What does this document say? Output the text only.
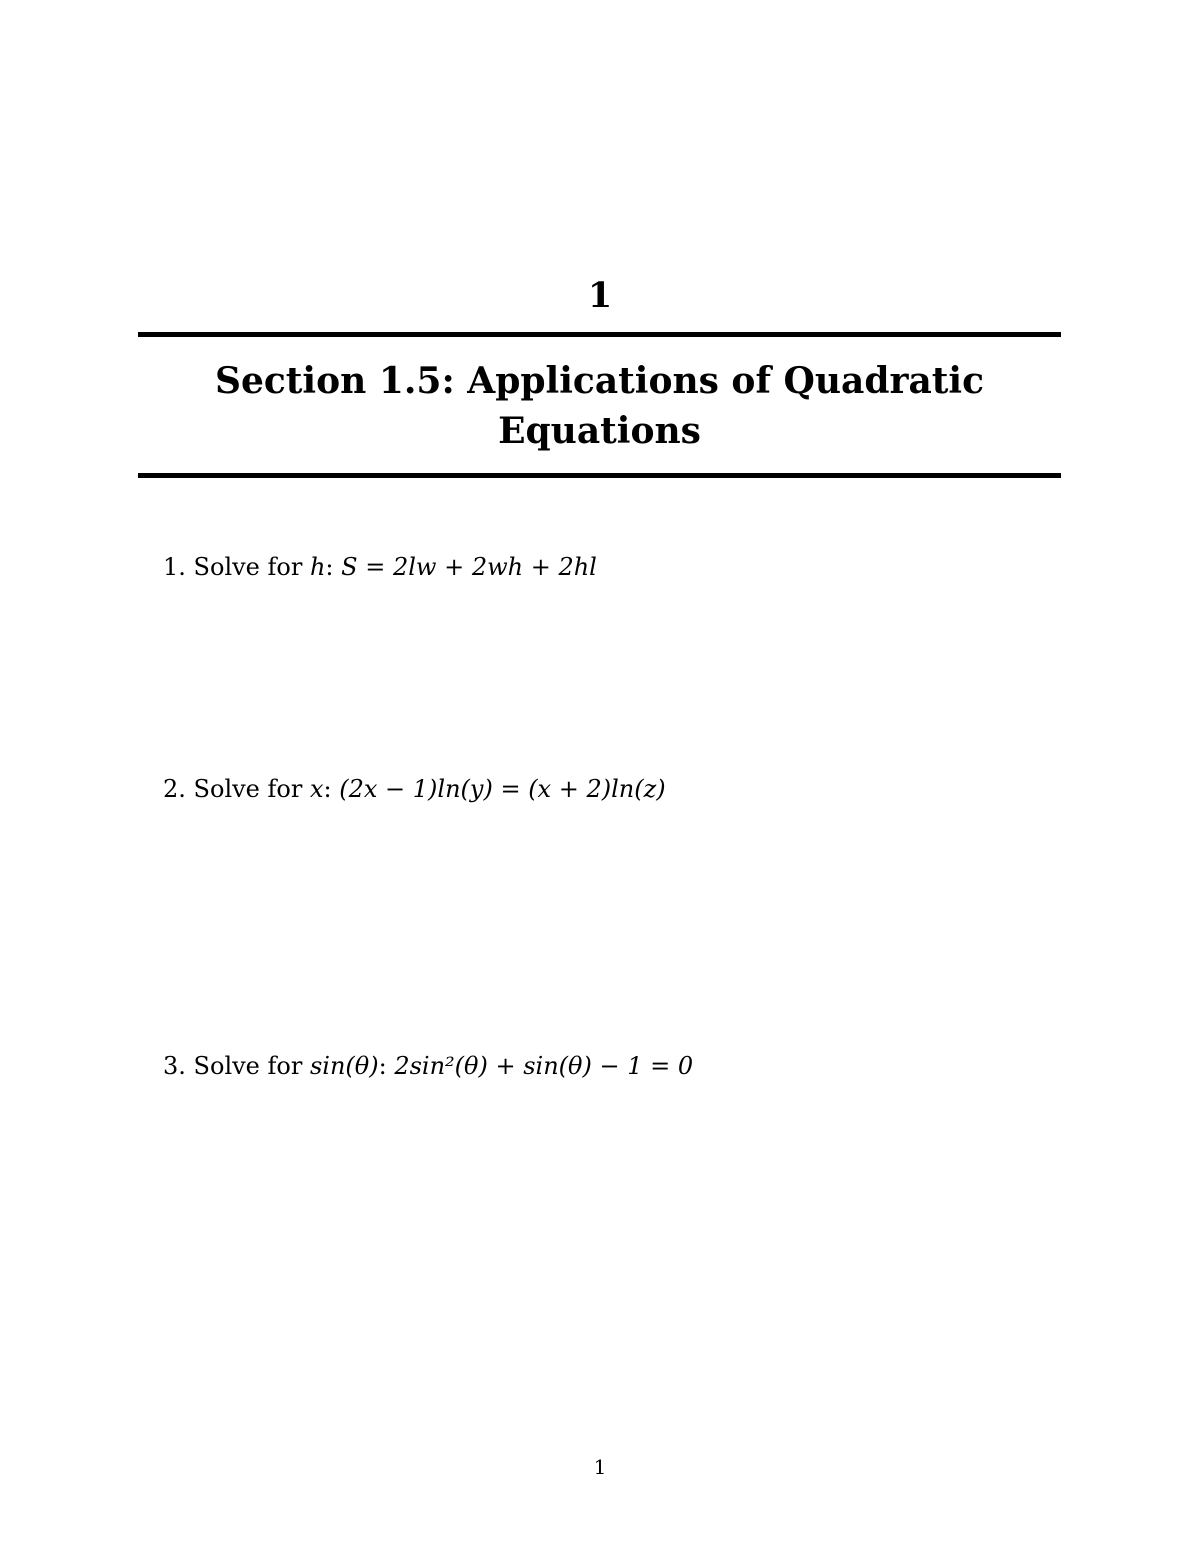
1
Section 1.5: Applications of Quadratic Equations
1. Solve for h: S = 2lw + 2wh + 2hl
2. Solve for x: (2x − 1)ln(y) = (x + 2)ln(z)
3. Solve for sin(θ): 2sin²(θ) + sin(θ) − 1 = 0
1
